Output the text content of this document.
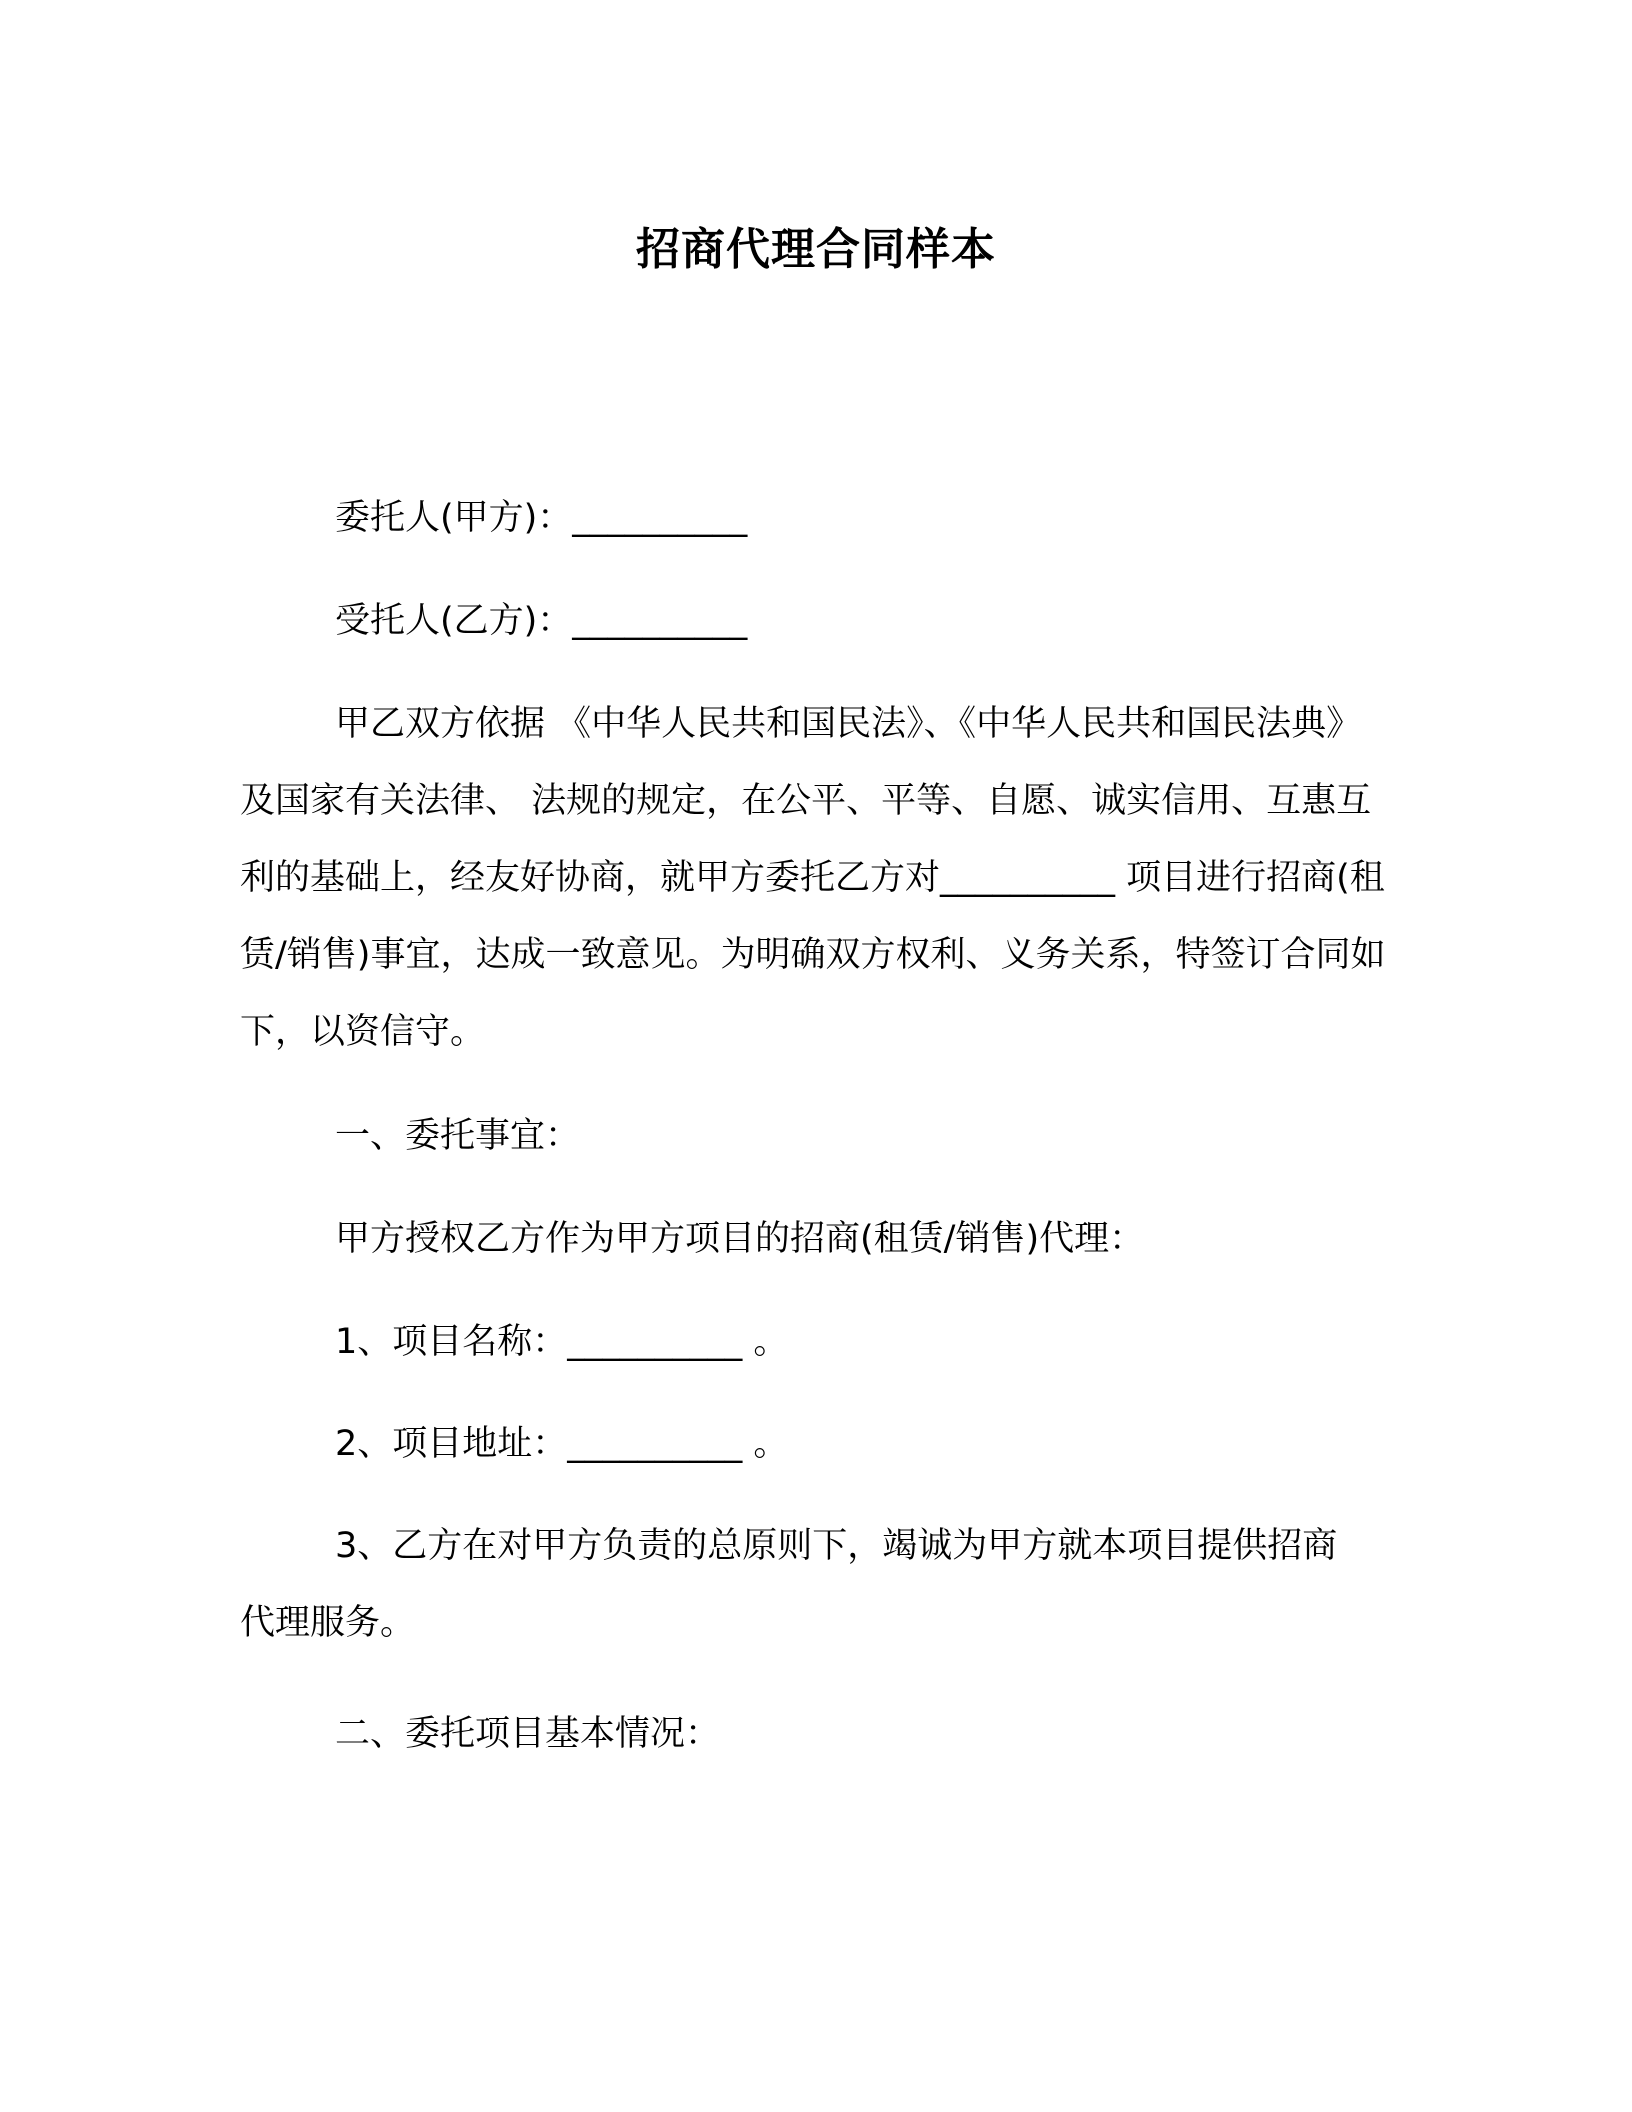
招商代理合同样本
委托人(甲方)：__________
受托人(乙方)：__________

甲乙双方依据 《中华人民共和国民法》、《中华人民共和国民法典》及国家有关法律、 法规的规定，在公平、平等、自愿、诚实信用、互惠互利的基础上，经友好协商，就甲方委托乙方对__________ 项目进行招商(租赁/销售)事宜，达成一致意见。为明确双方权利、义务关系，特签订合同如下，以资信守。

一、委托事宜：
甲方授权乙方作为甲方项目的招商(租赁/销售)代理：
1、项目名称：__________ 。
2、项目地址：__________ 。

3、乙方在对甲方负责的总原则下，竭诚为甲方就本项目提供招商代理服务。

二、委托项目基本情况：
